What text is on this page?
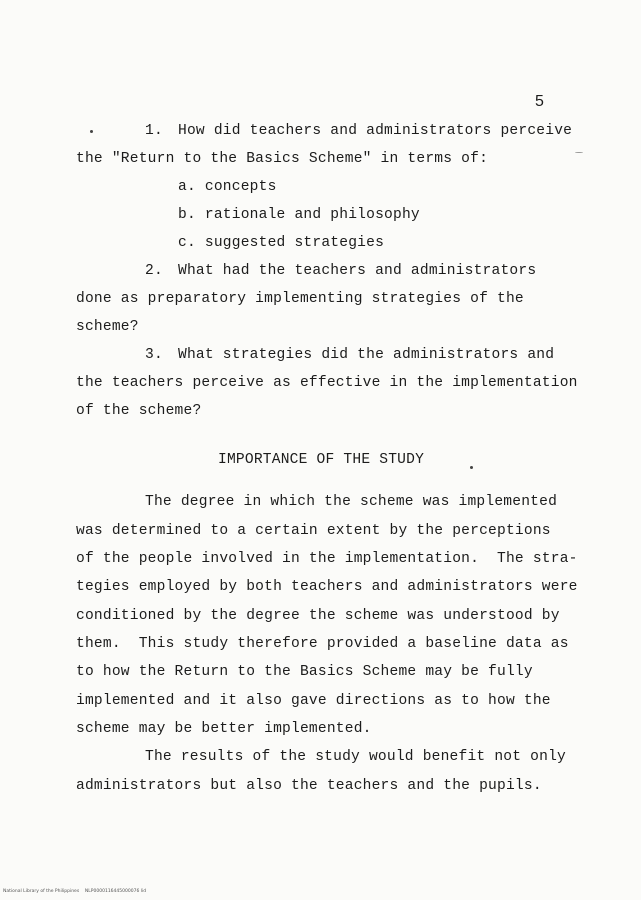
5
1. How did teachers and administrators perceive
the "Return to the Basics Scheme" in terms of:
a. concepts
b. rationale and philosophy
c. suggested strategies
2. What had the teachers and administrators
done as preparatory implementing strategies of the
scheme?
3. What strategies did the administrators and
the teachers perceive as effective in the implementation
of the scheme?
IMPORTANCE OF THE STUDY
The degree in which the scheme was implemented
was determined to a certain extent by the perceptions
of the people involved in the implementation.  The stra-
tegies employed by both teachers and administrators were
conditioned by the degree the scheme was understood by
them.  This study therefore provided a baseline data as
to how the Return to the Basics Scheme may be fully
implemented and it also gave directions as to how the
scheme may be better implemented.
The results of the study would benefit not only
administrators but also the teachers and the pupils.
National Library of the Philippines NLP0000116445000076 lid
